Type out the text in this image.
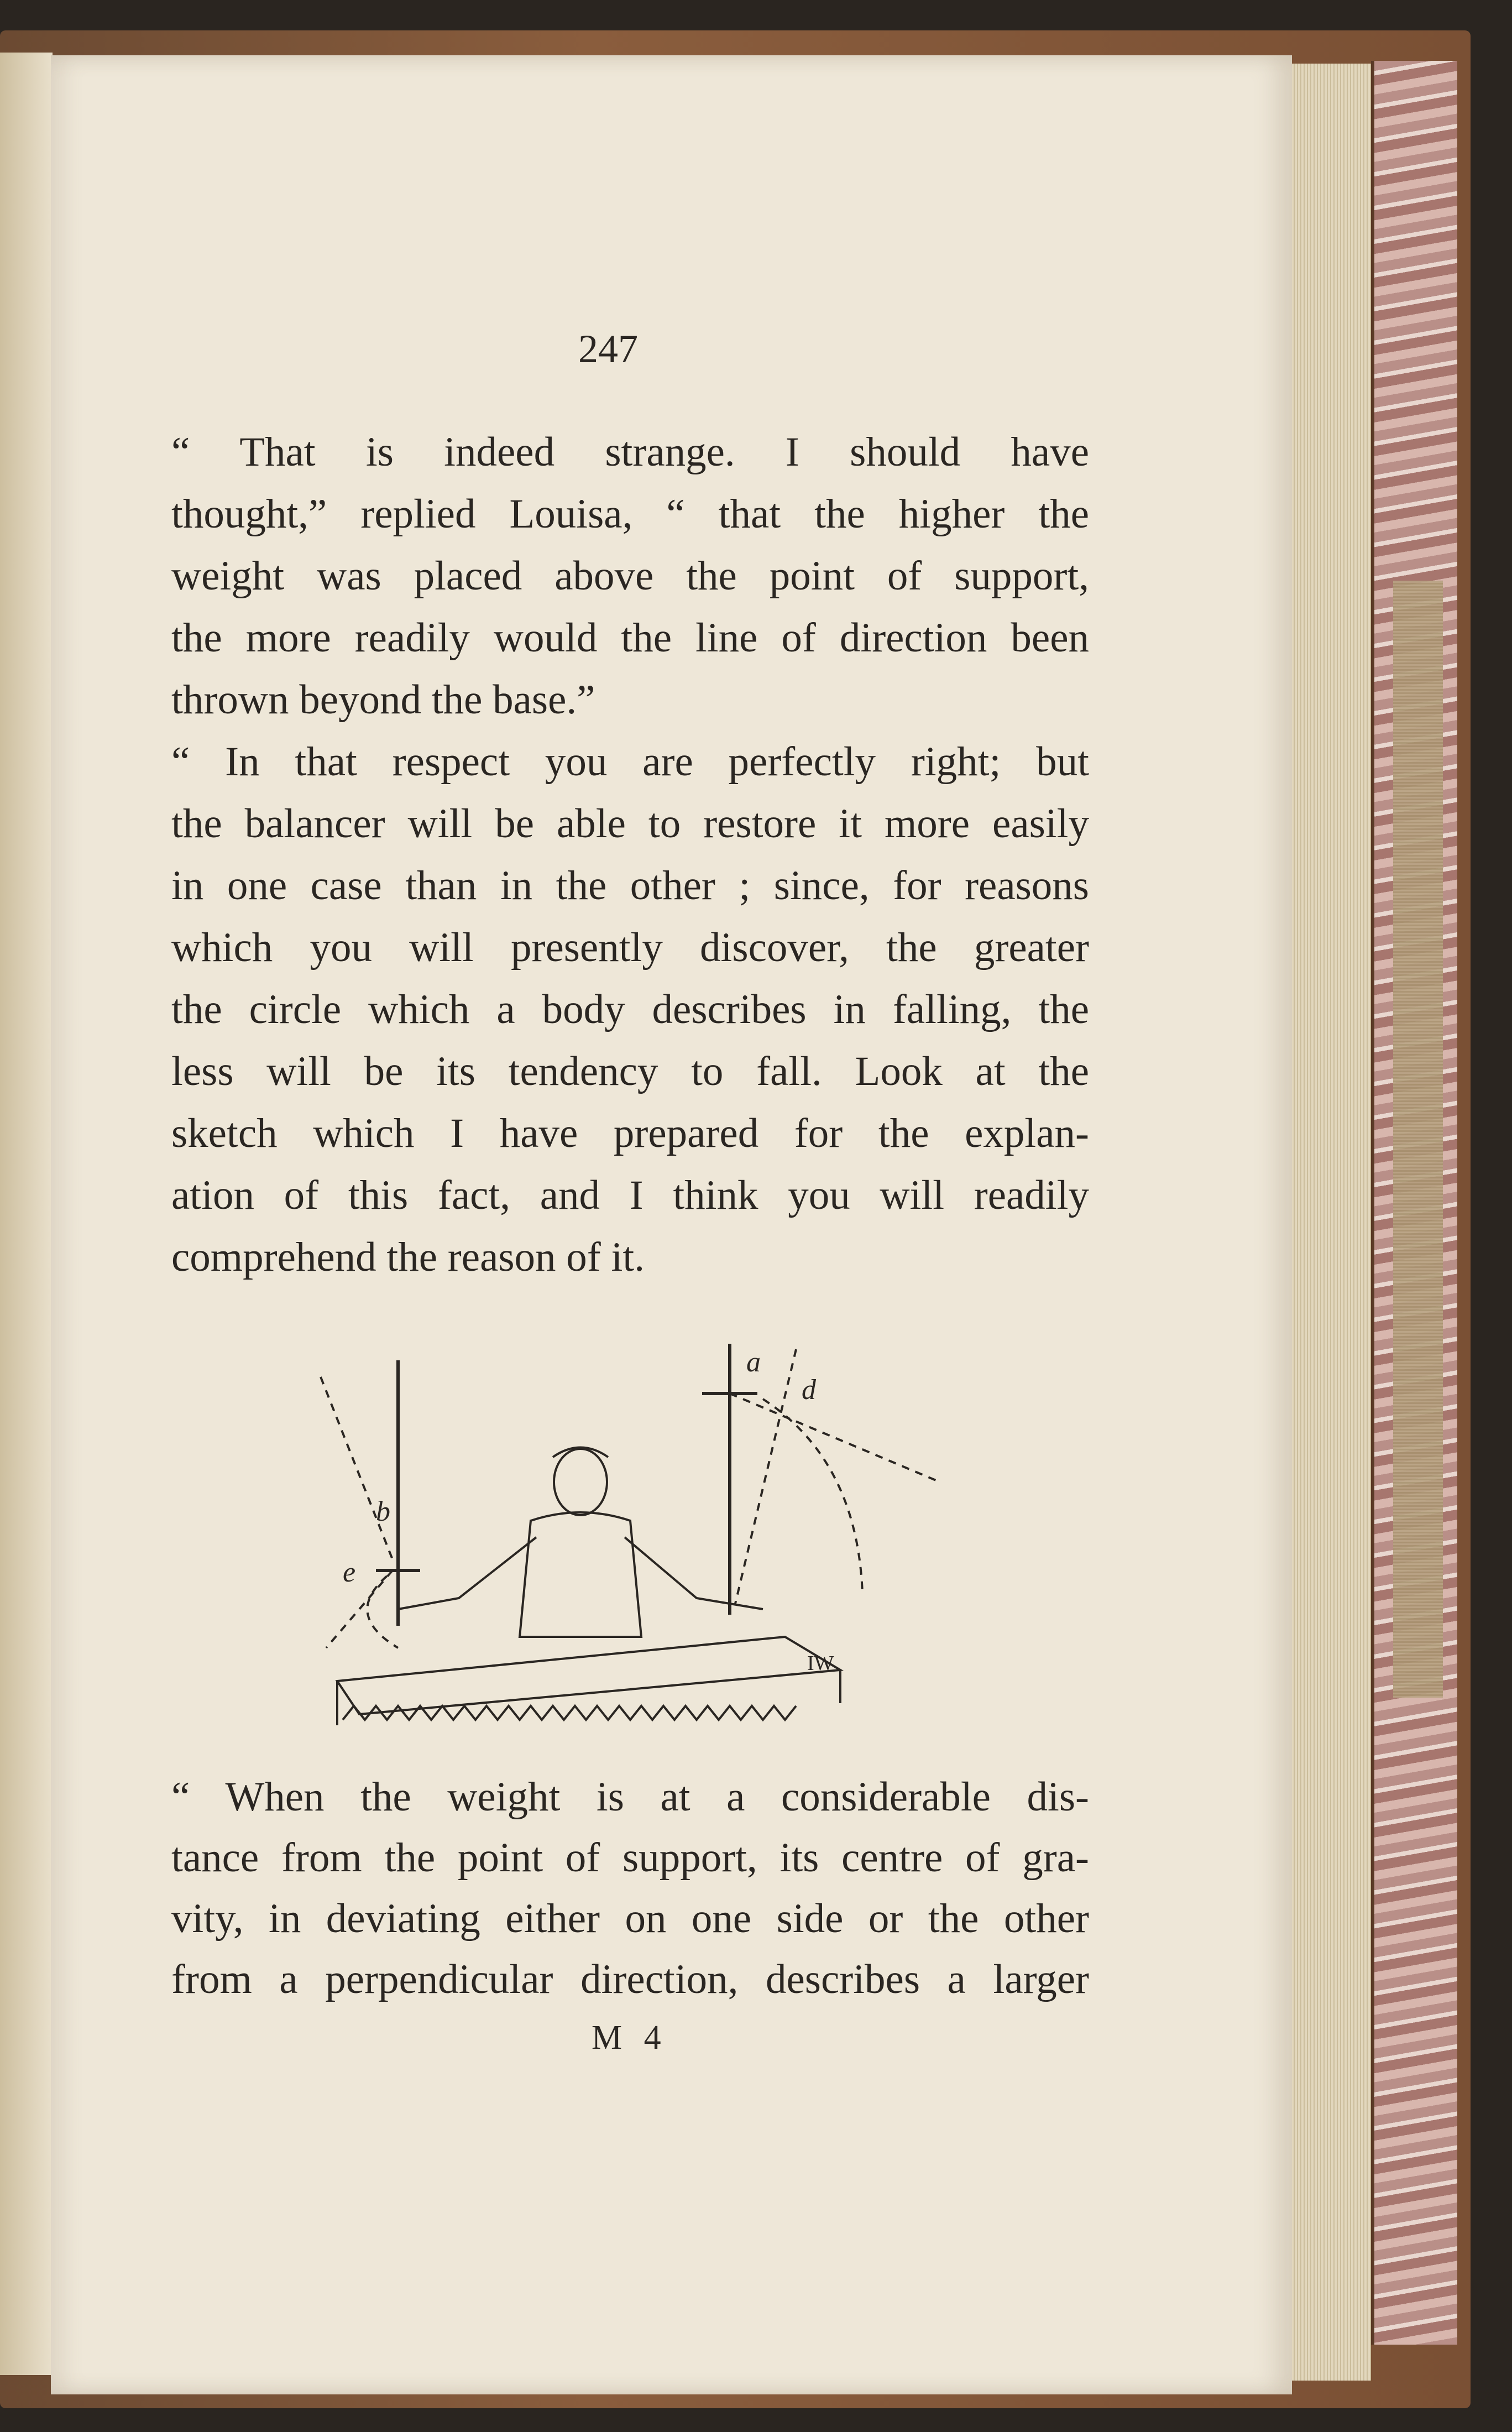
247
“ That is indeed strange. I should have
thought,” replied Louisa, “ that the higher the
weight was placed above the point of support,
the more readily would the line of direction been
thrown beyond the base.”
“ In that respect you are perfectly right; but
the balancer will be able to restore it more easily
in one case than in the other ; since, for reasons
which you will presently discover, the greater
the circle which a body describes in falling, the
less will be its tendency to fall. Look at the
sketch which I have prepared for the explan-
ation of this fact, and I think you will readily
comprehend the reason of it.
a
b
d
e
IW
“ When the weight is at a considerable dis-
tance from the point of support, its centre of gra-
vity, in deviating either on one side or the other
from a perpendicular direction, describes a larger
M 4
